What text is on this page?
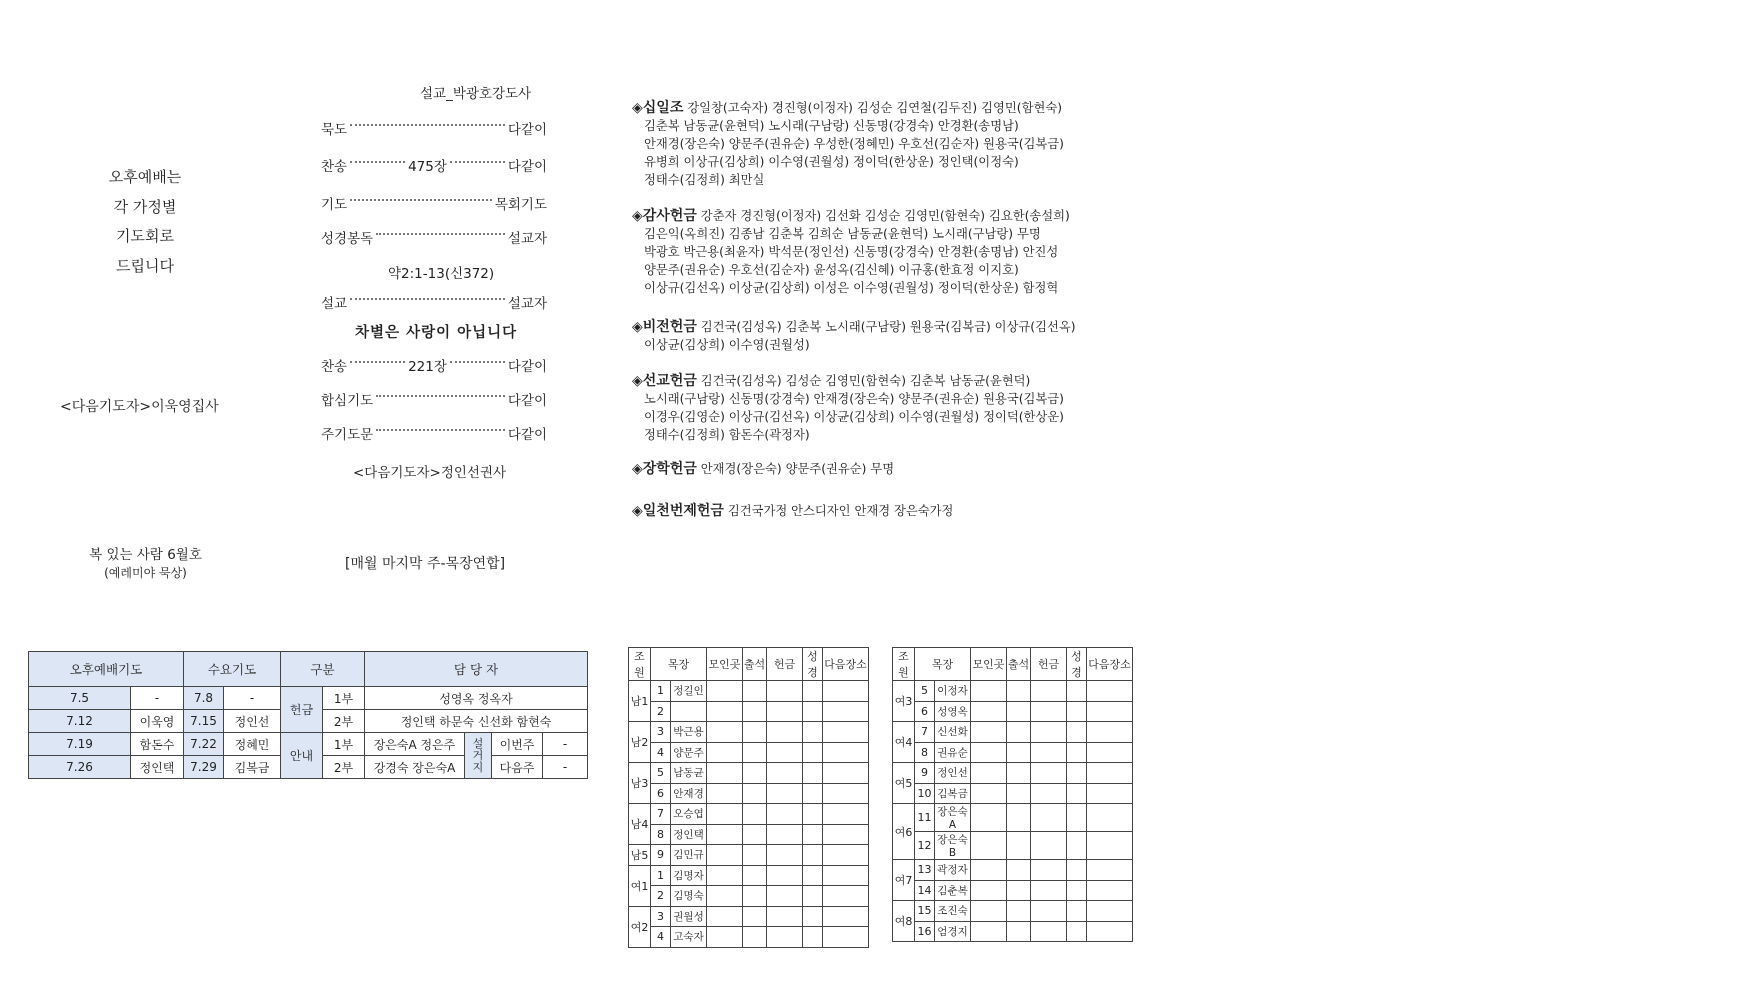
오후예배는
각 가정별
기도회로
드립니다
설교_박광호강도사
묵도	다같이
찬송	475장	다같이
기도	목회기도
성경봉독	설교자
설교	설교자
찬송	221장	다같이
합심기도	다같이
주기도문	다같이
약2:1-13(신372)
차별은 사랑이 아닙니다
<다음기도자>정인선권사
<다음기도자>이욱영집사
복 있는 사람 6월호
(예레미야 묵상)
[매월 마지막 주-목장연합]
◈십일조 강일창(고숙자) 경진형(이정자) 김성순 김연철(김두진) 김영민(함현숙)
김춘복 남동균(윤현덕) 노시래(구남랑) 신동명(강경숙) 안경환(송명남)
안재경(장은숙) 양문주(권유순) 우성한(정혜민) 우호선(김순자) 원용국(김복금)
유병희 이상규(김상희) 이수영(권월성) 정이덕(한상운) 정인택(이정숙)
정태수(김정희) 최만실
◈감사헌금 강춘자 경진형(이정자) 김선화 김성순 김영민(함현숙) 김요한(송설희)
김은익(옥희진) 김종남 김춘복 김희순 남동균(윤현덕) 노시래(구남랑) 무명
박광호 박근용(최윤자) 박석문(정인선) 신동명(강경숙) 안경환(송명남) 안진성
양문주(권유순) 우호선(김순자) 윤성옥(김신혜) 이규홍(한효정 이지호)
이상규(김선옥) 이상균(김상희) 이성은 이수영(권월성) 정이덕(한상운) 함정혁
◈비전헌금 김건국(김성옥) 김춘복 노시래(구남랑) 원용국(김복금) 이상규(김선옥)
이상균(김상희) 이수영(권월성)
◈선교헌금 김건국(김성옥) 김성순 김영민(함현숙) 김춘복 남동균(윤현덕)
노시래(구남랑) 신동명(강경숙) 안재경(장은숙) 양문주(권유순) 원용국(김복금)
이경우(김영순) 이상규(김선옥) 이상균(김상희) 이수영(권월성) 정이덕(한상운)
정태수(김정희) 함돈수(곽정자)
◈장학헌금 안재경(장은숙) 양문주(권유순) 무명
◈일천번제헌금 김건국가정 안스디자인 안재경 장은숙가정
오후예배기도		수요기도		구분		담 당 자			
7.5	-	7.8	-	헌금	1부	성영옥 정옥자			
7.12	이욱영	7.15	정인선		2부	정인택 하문숙 신선화 함현숙			
7.19	함돈수	7.22	정혜민	안내	1부	장은숙A 정은주	설거지	이번주	-
7.26	정인택	7.29	김복금		2부	강경숙 장은숙A		다음주	-
조원	목장		모인곳	출석	헌금	성경	다음장소
남1	1	정길인					
	2						
남2	3	박근용					
	4	양문주					
남3	5	남동균					
	6	안재경					
남4	7	오승엽					
	8	정인택					
남5	9	김민규					
여1	1	김명자					
	2	김명숙					
여2	3	권월성					
	4	고숙자					
조원	목장		모인곳	출석	헌금	성경	다음장소
여3	5	이정자					
	6	성영옥					
여4	7	신선화					
	8	권유순					
여5	9	정인선					
	10	김복금					
여6	11	장은숙A					
	12	장은숙B					
여7	13	곽정자					
	14	김춘복					
여8	15	조진숙					
	16	엄경지					
